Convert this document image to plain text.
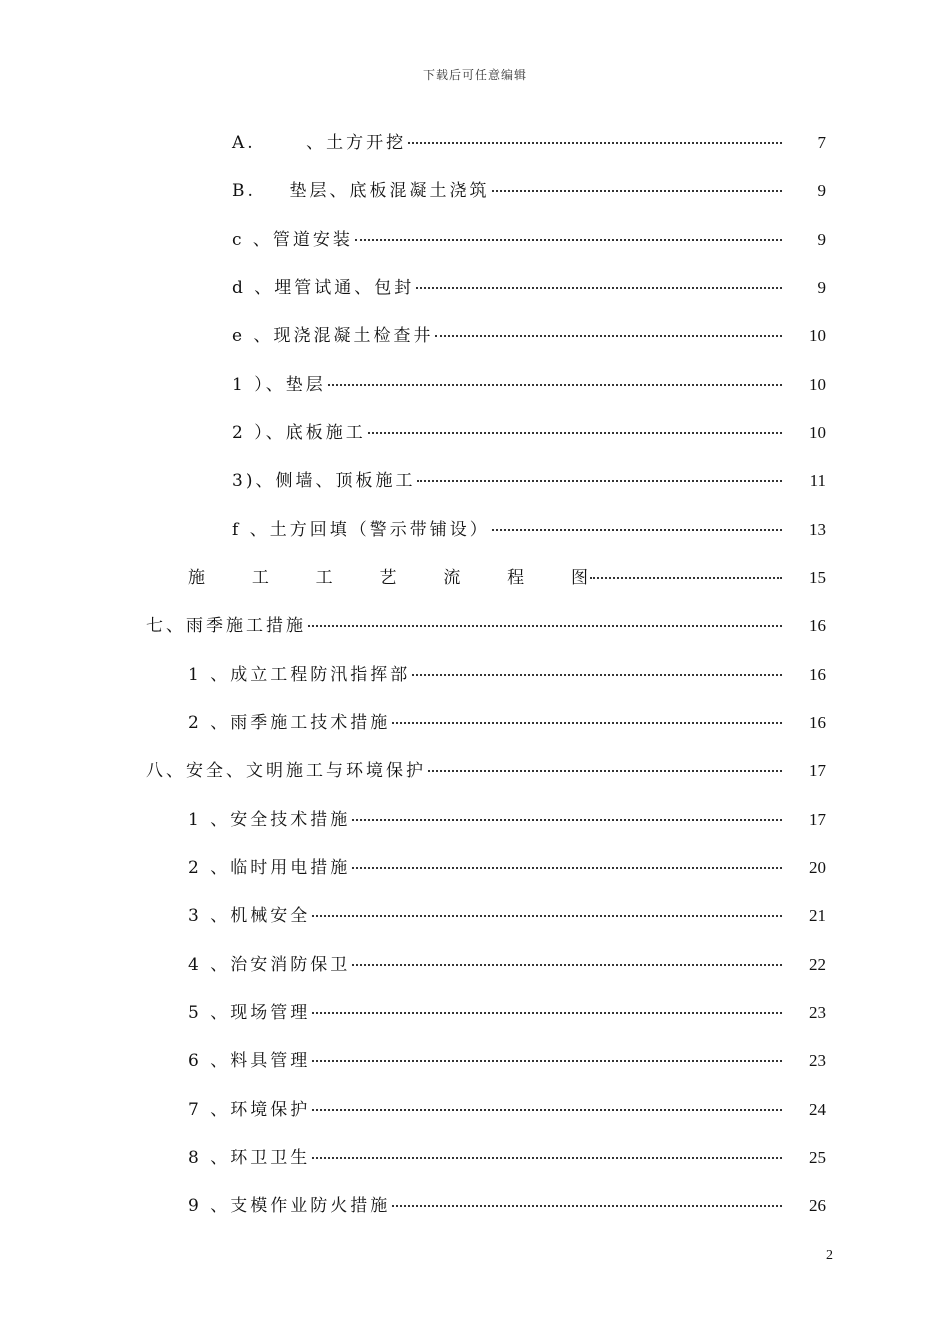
下载后可任意编辑
A.      、土方开挖	7
B.    垫层、底板混凝土浇筑	9
c 、管道安装	9
d 、埋管试通、包封	9
e 、现浇混凝土检查井	10
1 ）、垫层	10
2 ）、底板施工	10
3)、侧墙、顶板施工	11
f 、土方回填（警示带铺设）	13
施	工	工	艺	流	程	图	15
七、雨季施工措施	16
1 、成立工程防汛指挥部	16
2 、雨季施工技术措施	16
八、安全、文明施工与环境保护	17
1 、安全技术措施	17
2 、临时用电措施	20
3 、机械安全	21
4 、治安消防保卫	22
5 、现场管理	23
6 、料具管理	23
7 、环境保护	24
8 、环卫卫生	25
9 、支模作业防火措施	26
2
